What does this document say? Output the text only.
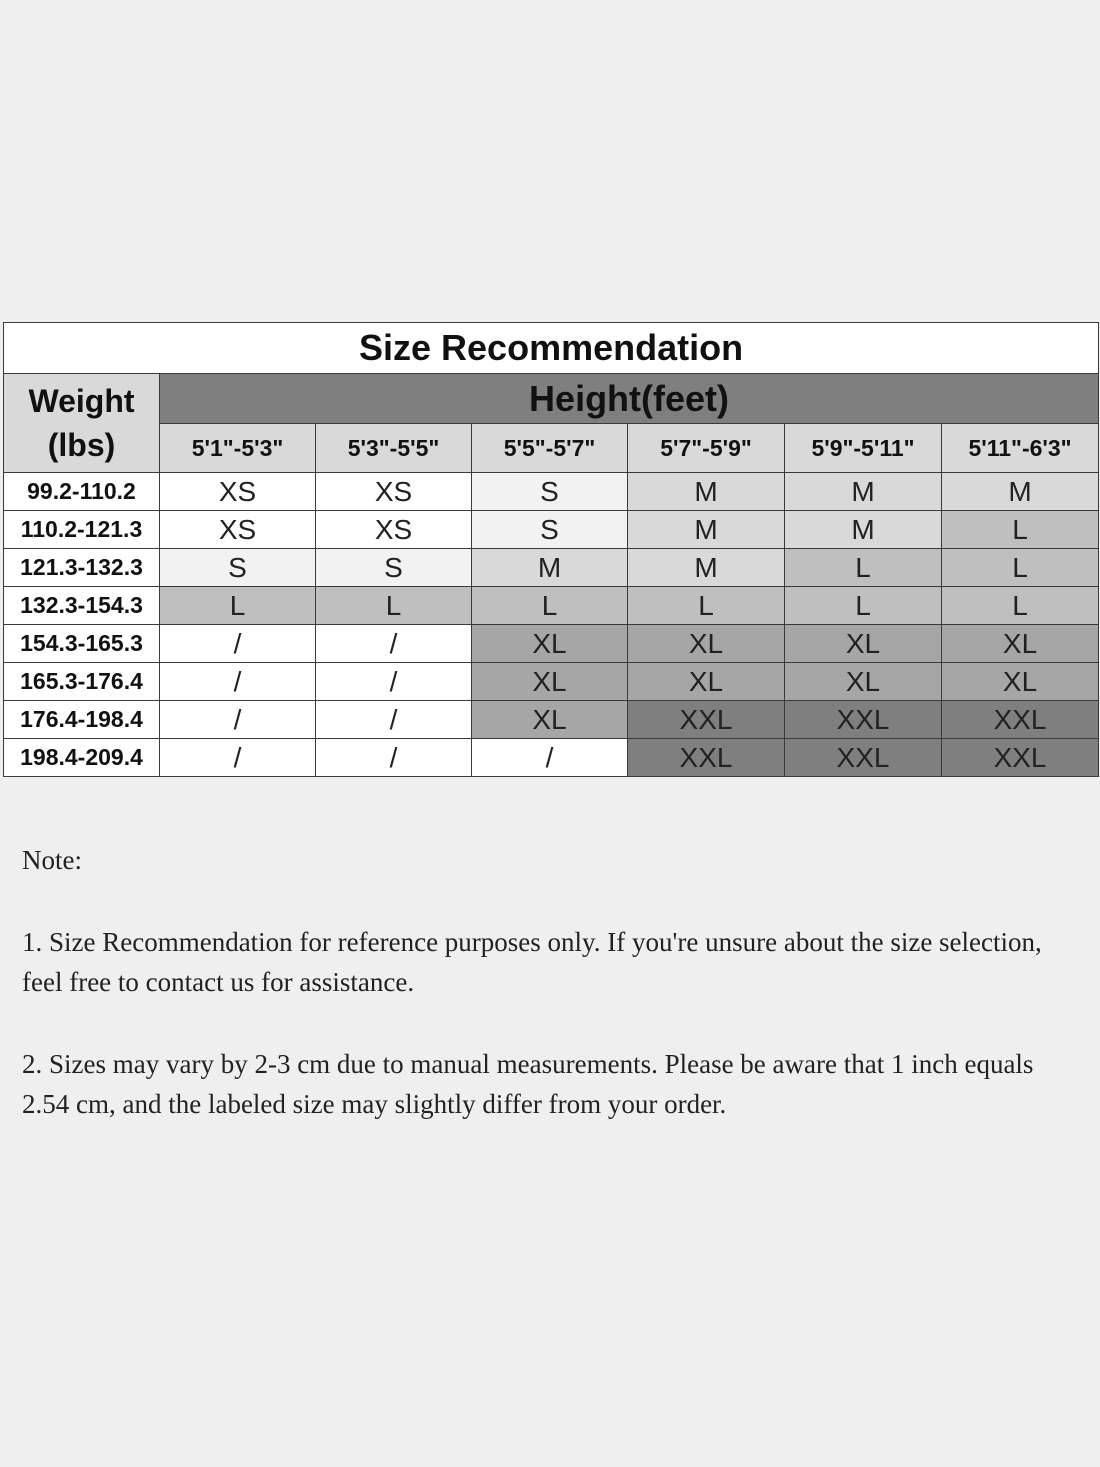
Size Recommendation						

Weight
(lbs)	Height(feet)					
	5'1"-5'3"	5'3"-5'5"	5'5"-5'7"	5'7"-5'9"	5'9"-5'11"	5'11"-6'3"
99.2-110.2	XS	XS	S	M	M	M
110.2-121.3	XS	XS	S	M	M	L
121.3-132.3	S	S	M	M	L	L
132.3-154.3	L	L	L	L	L	L
154.3-165.3	/	/	XL	XL	XL	XL
165.3-176.4	/	/	XL	XL	XL	XL
176.4-198.4	/	/	XL	XXL	XXL	XXL
198.4-209.4	/	/	/	XXL	XXL	XXL

Note:

1. Size Recommendation for reference purposes only. If you're unsure about the size selection, feel free to contact us for assistance.

2. Sizes may vary by 2-3 cm due to manual measurements. Please be aware that 1 inch equals 2.54 cm, and the labeled size may slightly differ from your order.
